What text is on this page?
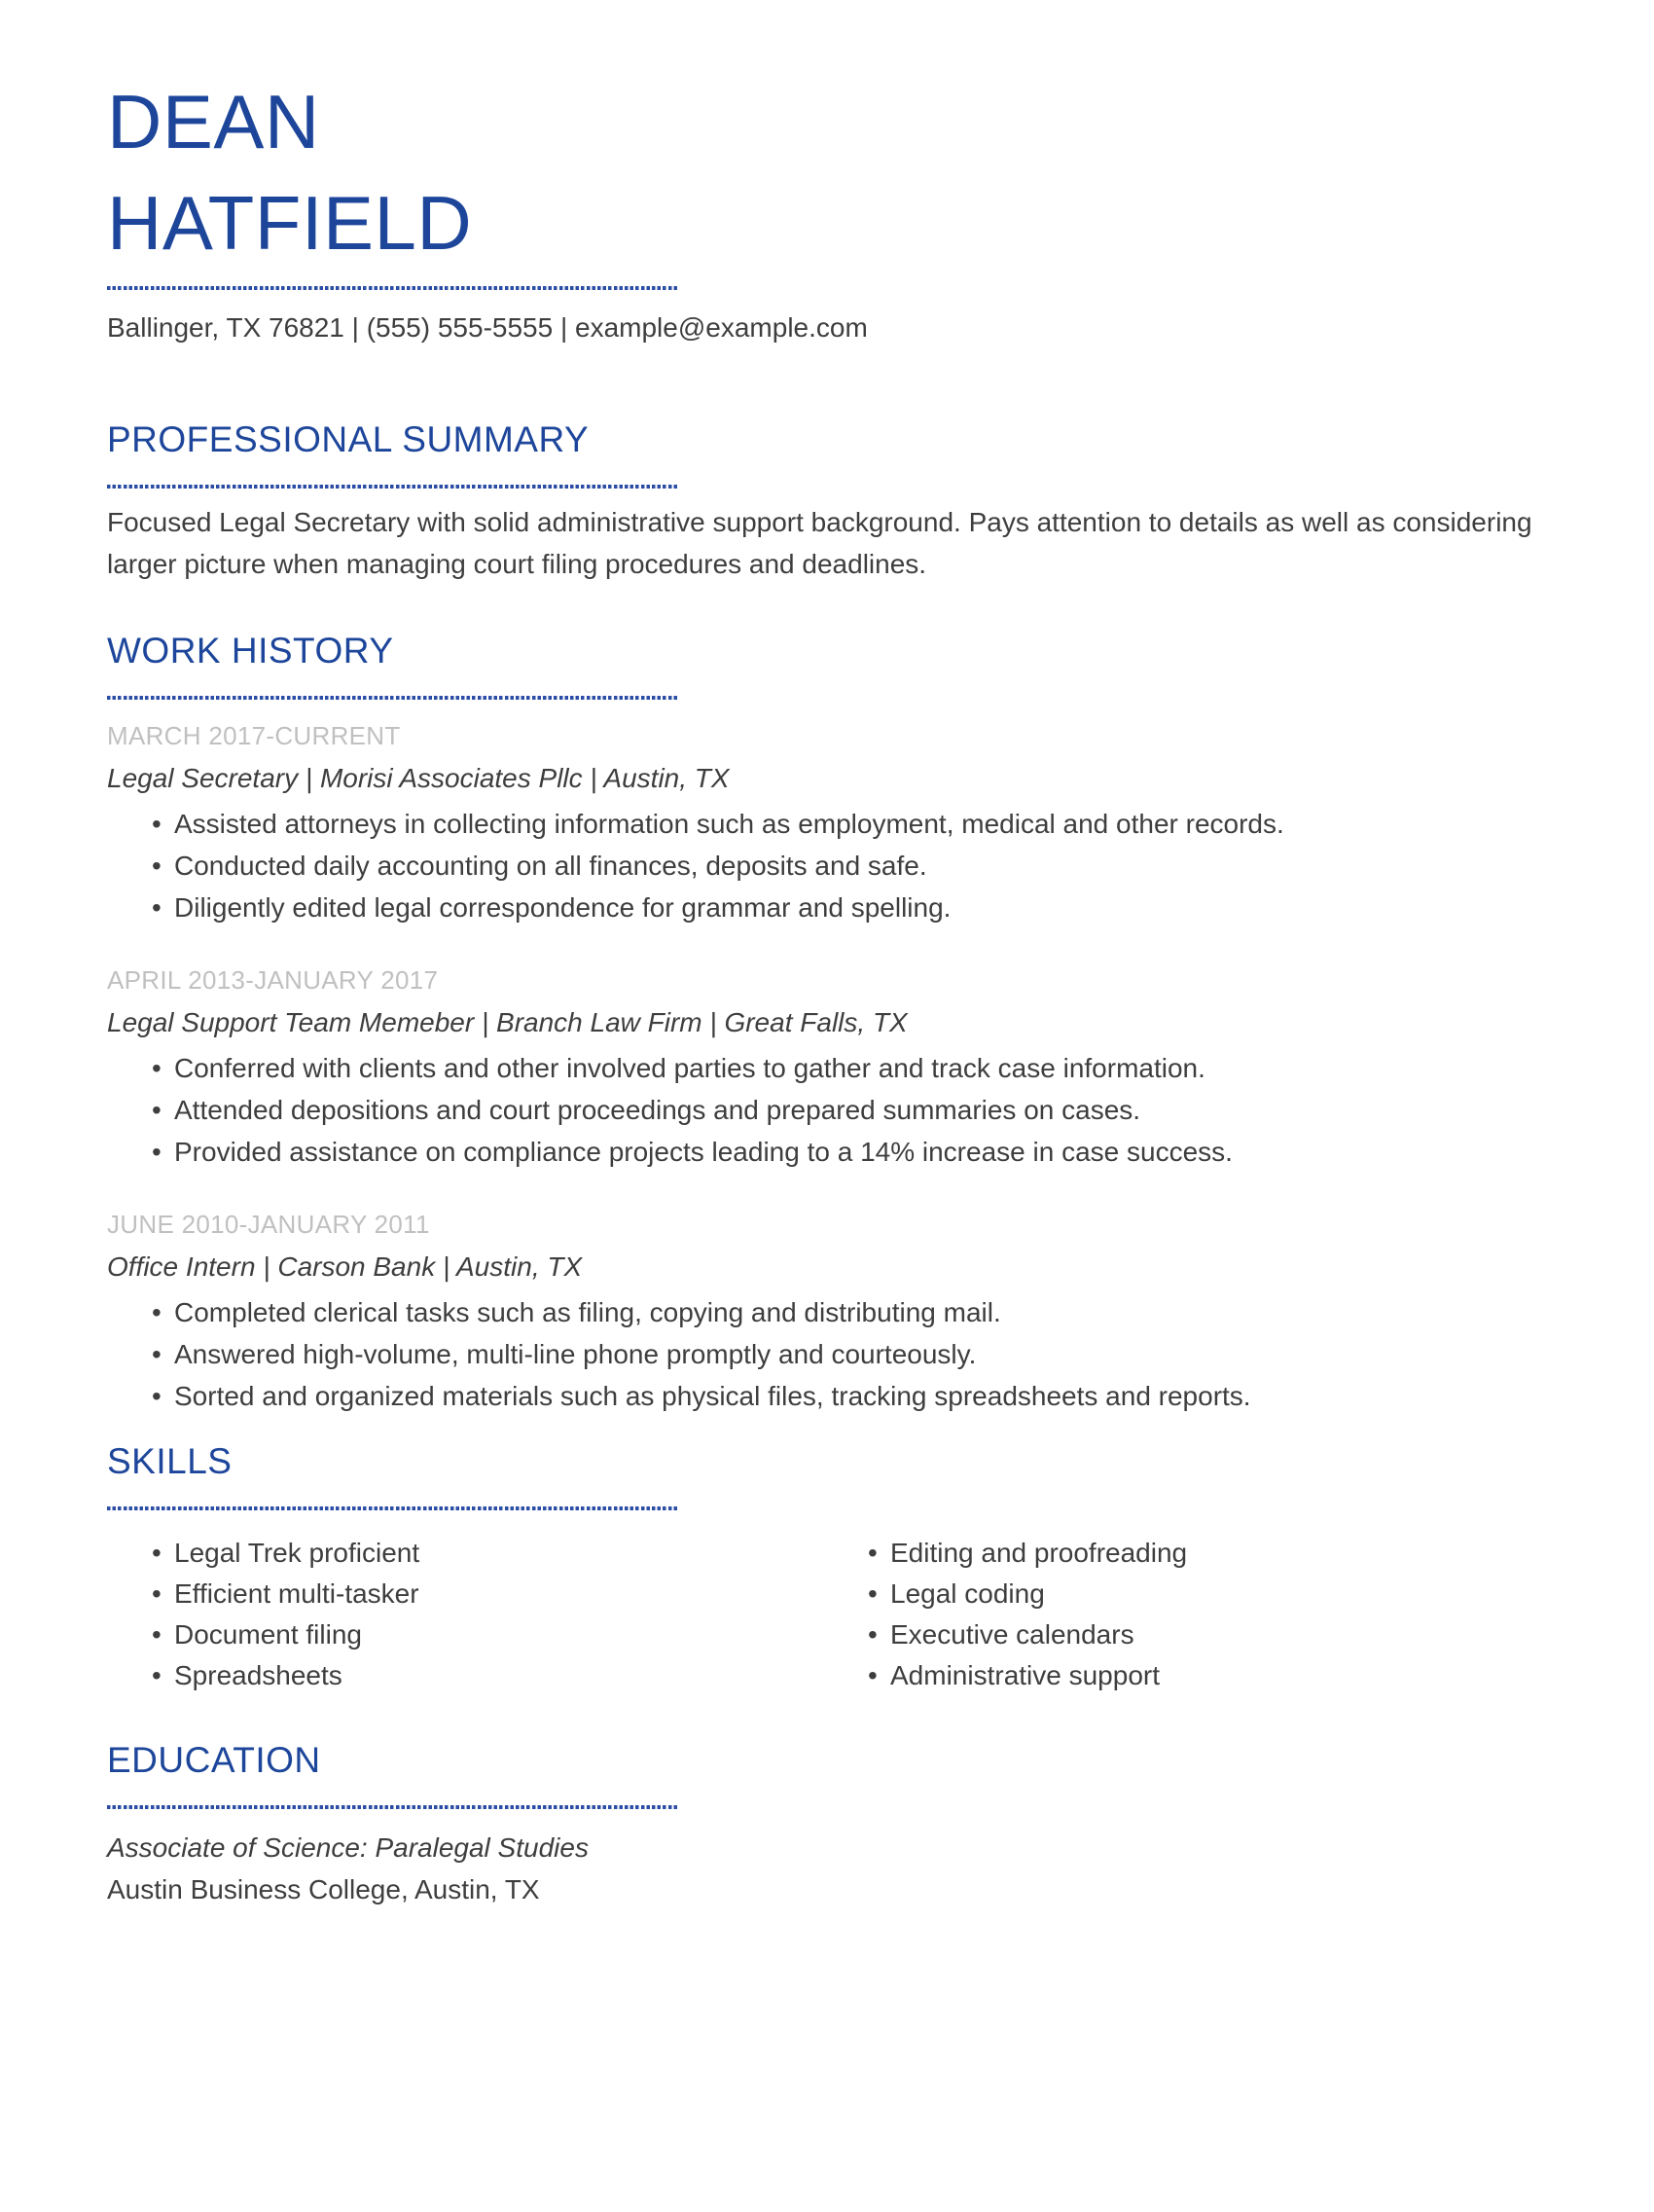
DEAN
HATFIELD

Ballinger, TX 76821 | (555) 555-5555 | example@example.com

PROFESSIONAL SUMMARY

Focused Legal Secretary with solid administrative support background. Pays attention to details as well as considering larger picture when managing court filing procedures and deadlines.

WORK HISTORY
MARCH 2017-CURRENT
Legal Secretary | Morisi Associates Pllc | Austin, TX
• Assisted attorneys in collecting information such as employment, medical and other records.
• Conducted daily accounting on all finances, deposits and safe.
• Diligently edited legal correspondence for grammar and spelling.
APRIL 2013-JANUARY 2017
Legal Support Team Memeber | Branch Law Firm | Great Falls, TX
• Conferred with clients and other involved parties to gather and track case information.
• Attended depositions and court proceedings and prepared summaries on cases.
• Provided assistance on compliance projects leading to a 14% increase in case success.
JUNE 2010-JANUARY 2011
Office Intern | Carson Bank | Austin, TX
• Completed clerical tasks such as filing, copying and distributing mail.
• Answered high-volume, multi-line phone promptly and courteously.
• Sorted and organized materials such as physical files, tracking spreadsheets and reports.
SKILLS
• Legal Trek proficient
• Efficient multi-tasker
• Document filing
• Spreadsheets
• Editing and proofreading
• Legal coding
• Executive calendars
• Administrative support
EDUCATION
Associate of Science: Paralegal Studies
Austin Business College, Austin, TX
